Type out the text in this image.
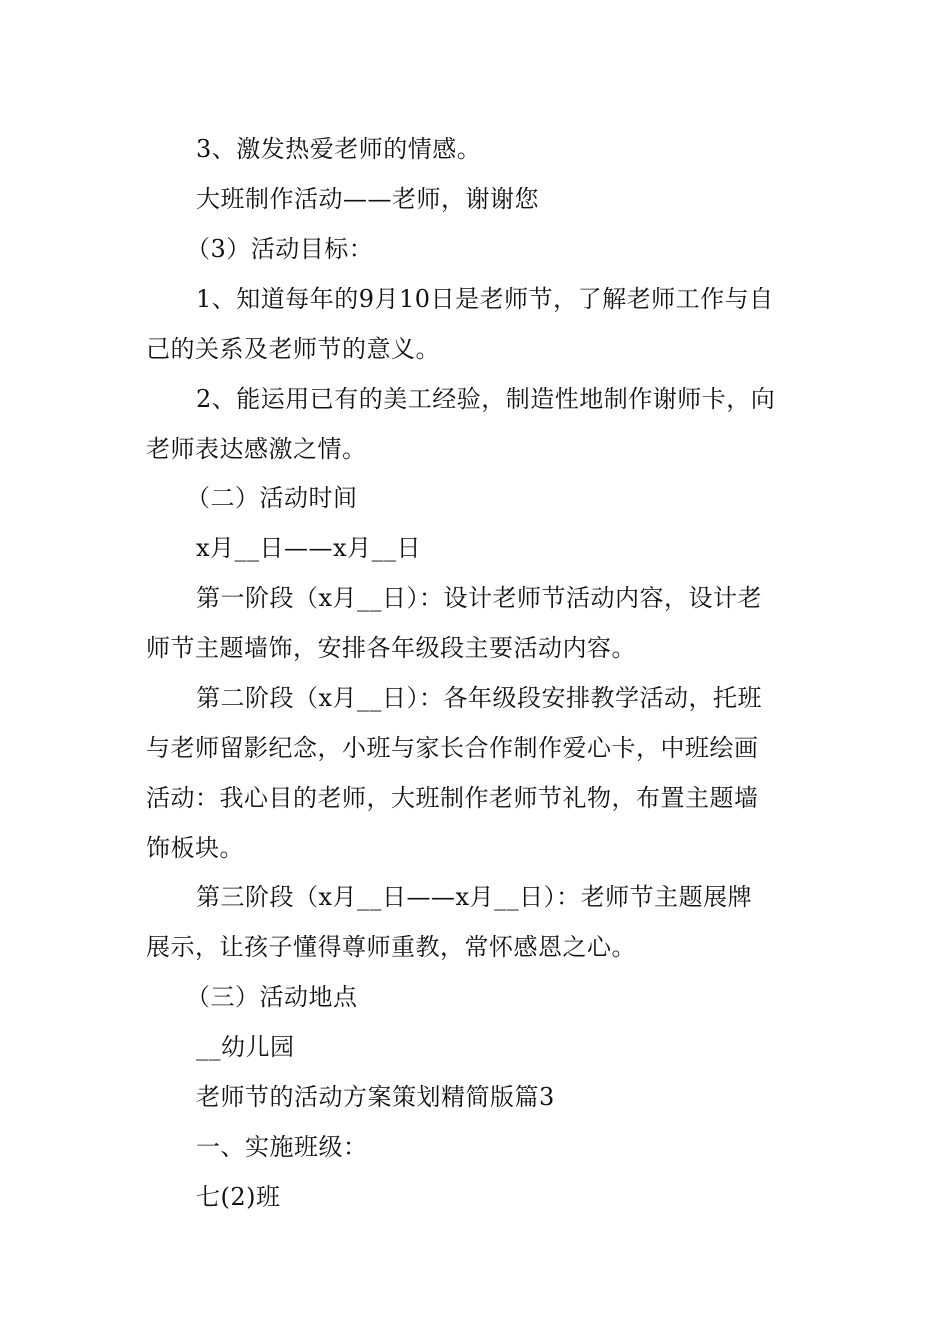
3、激发热爱老师的情感。
大班制作活动——老师，谢谢您
（3）活动目标：
1、知道每年的9月10日是老师节，了解老师工作与自
己的关系及老师节的意义。
2、能运用已有的美工经验，制造性地制作谢师卡，向
老师表达感激之情。
（二）活动时间
x月__日——x月__日
第一阶段（x月__日）：设计老师节活动内容，设计老
师节主题墙饰，安排各年级段主要活动内容。
第二阶段（x月__日）：各年级段安排教学活动，托班
与老师留影纪念，小班与家长合作制作爱心卡，中班绘画
活动：我心目的老师，大班制作老师节礼物，布置主题墙
饰板块。
第三阶段（x月__日——x月__日）：老师节主题展牌
展示，让孩子懂得尊师重教，常怀感恩之心。
（三）活动地点
__幼儿园
老师节的活动方案策划精简版篇3
一、实施班级：
七(2)班
